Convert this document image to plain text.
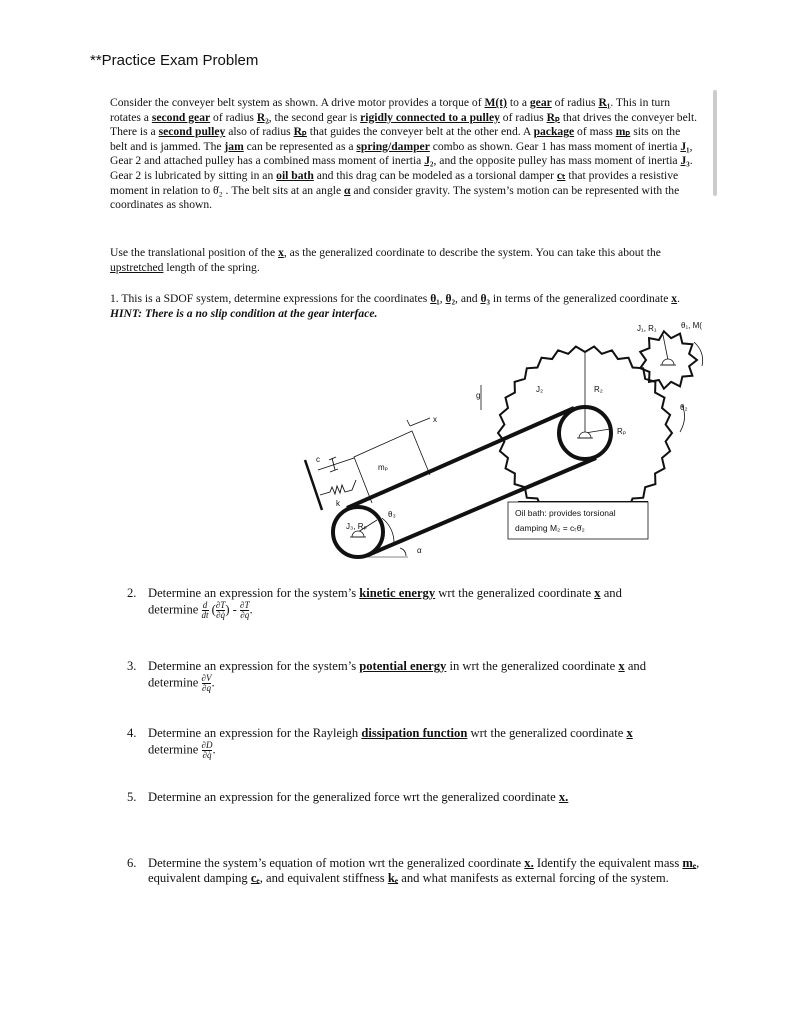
**Practice Exam Problem
Consider the conveyer belt system as shown. A drive motor provides a torque of M(t) to a gear of radius R₁. This in turn rotates a second gear of radius R₂, the second gear is rigidly connected to a pulley of radius Rₚ that drives the conveyer belt. There is a second pulley also of radius Rₚ that guides the conveyer belt at the other end. A package of mass mₚ sits on the belt and is jammed. The jam can be represented as a spring/damper combo as shown. Gear 1 has mass moment of inertia J₁, Gear 2 and attached pulley has a combined mass moment of inertia J₂, and the opposite pulley has mass moment of inertia J₃. Gear 2 is lubricated by sitting in an oil bath and this drag can be modeled as a torsional damper cₜ that provides a resistive moment in relation to θ̇₂ . The belt sits at an angle α and consider gravity. The system’s motion can be represented with the coordinates as shown.
Use the translational position of the x, as the generalized coordinate to describe the system. You can take this about the upstretched length of the spring.
1. This is a SDOF system, determine expressions for the coordinates θ₁, θ₂, and θ₃ in terms of the generalized coordinate x. HINT: There is a no slip condition at the gear interface.
J₁, R₁	θ₁, M(
J₂	R₂
θ₂
Rₚ
g
x
c
mₚ
k
θ₃
J₃, Rₚ
α
Oil bath: provides torsional
damping M₂ = cₜθ̇₂
2. Determine an expression for the system’s kinetic energy wrt the generalized coordinate x and
determine $\frac{d}{dt}$ ( $\frac{\partial T}{\partial q̇}$ ) - $\frac{\partial T}{\partial q}$ .
3. Determine an expression for the system’s potential energy in wrt the generalized coordinate x and
determine $\frac{\partial V}{\partial q}$ .
4. Determine an expression for the Rayleigh dissipation function wrt the generalized coordinate x
determine $\frac{\partial D}{\partial q̇}$ .
5. Determine an expression for the generalized force wrt the generalized coordinate x.
6. Determine the system’s equation of motion wrt the generalized coordinate x. Identify the equivalent mass mₑ, equivalent damping cₑ, and equivalent stiffness kₑ and what manifests as external forcing of the system.
